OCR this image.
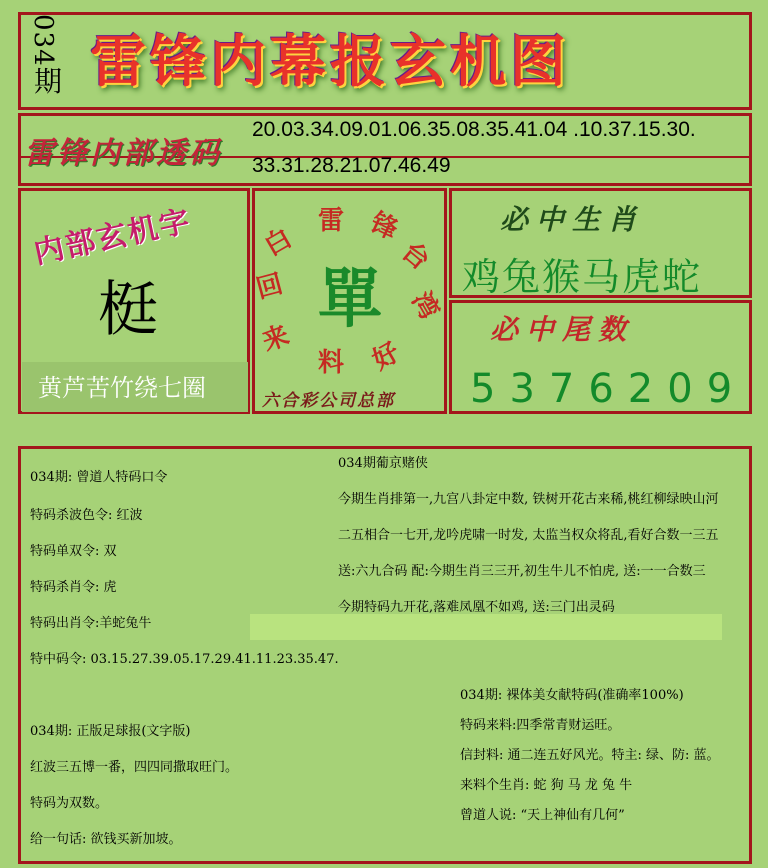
034
期 雷锋内幕报玄机图
雷锋内部透码
20.03.34.09.01.06.35.08.35.41.04 .10.37.15.30.
33.31.28.21.07.46.49
内部玄机字
梃
黄芦苦竹绕七圈
白
雷 锋
台
回
湾
来
料 好
單
六合彩公司总部
必中生肖
鸡兔猴马虎蛇
必中尾数
5376209
034期: 曾道人特码口令
特码杀波色令: 红波
特码单双令: 双
特码杀肖令: 虎
特码出肖令:羊蛇兔牛
特中码令: 03.15.27.39.05.17.29.41.11.23.35.47.
034期: 正版足球报(文字版)
红波三五博一番，四四同撒取旺门。
特码为双数。
给一句话: 欲钱买新加坡。
034期葡京赌侠
今期生肖排第一,九宫八卦定中数, 铁树开花古来稀,桃红柳绿映山河
二五相合一七开,龙吟虎啸一时发, 太监当权众将乱,看好合数一三五
送:六九合码 配:今期生肖三三开,初生牛儿不怕虎, 送:一一合数三
今期特码九开花,落难凤凰不如鸡, 送:三门出灵码
034期: 裸体美女献特码(准确率100%)
特码来料:四季常青财运旺。
信封料: 通二连五好风光。特主: 绿、防: 蓝。
来料个生肖: 蛇 狗 马 龙 兔 牛
曾道人说: “天上神仙有几何”
